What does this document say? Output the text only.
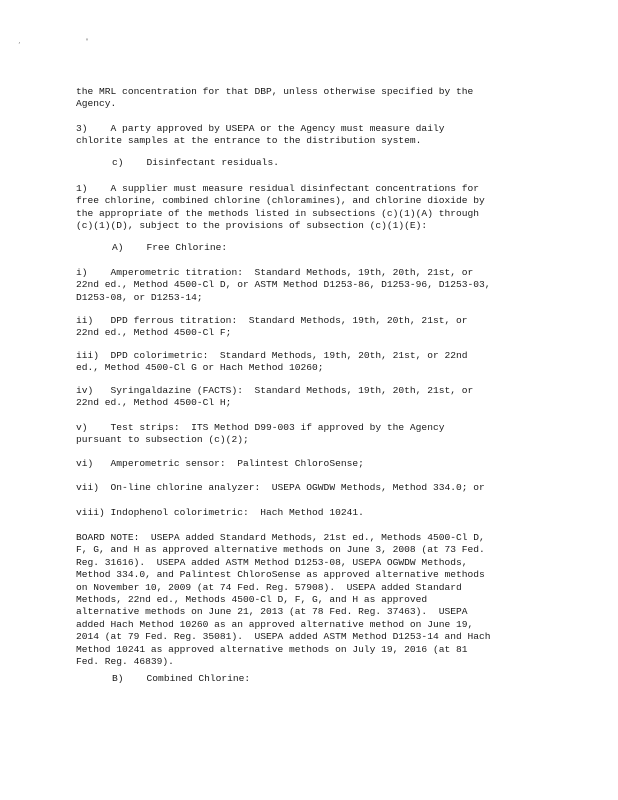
, "

the MRL concentration for that DBP, unless otherwise specified by the
Agency.

3)    A party approved by USEPA or the Agency must measure daily
chlorite samples at the entrance to the distribution system.

c)    Disinfectant residuals.

1)    A supplier must measure residual disinfectant concentrations for
free chlorine, combined chlorine (chloramines), and chlorine dioxide by
the appropriate of the methods listed in subsections (c)(1)(A) through
(c)(1)(D), subject to the provisions of subsection (c)(1)(E):

A)    Free Chlorine:

i)    Amperometric titration:  Standard Methods, 19th, 20th, 21st, or
22nd ed., Method 4500-Cl D, or ASTM Method D1253-86, D1253-96, D1253-03,
D1253-08, or D1253-14;

ii)   DPD ferrous titration:  Standard Methods, 19th, 20th, 21st, or
22nd ed., Method 4500-Cl F;

iii)  DPD colorimetric:  Standard Methods, 19th, 20th, 21st, or 22nd
ed., Method 4500-Cl G or Hach Method 10260;

iv)   Syringaldazine (FACTS):  Standard Methods, 19th, 20th, 21st, or
22nd ed., Method 4500-Cl H;

v)    Test strips:  ITS Method D99-003 if approved by the Agency
pursuant to subsection (c)(2);

vi)   Amperometric sensor:  Palintest ChloroSense;

vii)  On-line chlorine analyzer:  USEPA OGWDW Methods, Method 334.0; or

viii) Indophenol colorimetric:  Hach Method 10241.

BOARD NOTE:  USEPA added Standard Methods, 21st ed., Methods 4500-Cl D,
F, G, and H as approved alternative methods on June 3, 2008 (at 73 Fed.
Reg. 31616).  USEPA added ASTM Method D1253-08, USEPA OGWDW Methods,
Method 334.0, and Palintest ChloroSense as approved alternative methods
on November 10, 2009 (at 74 Fed. Reg. 57908).  USEPA added Standard
Methods, 22nd ed., Methods 4500-Cl D, F, G, and H as approved
alternative methods on June 21, 2013 (at 78 Fed. Reg. 37463).  USEPA
added Hach Method 10260 as an approved alternative method on June 19,
2014 (at 79 Fed. Reg. 35081).  USEPA added ASTM Method D1253-14 and Hach
Method 10241 as approved alternative methods on July 19, 2016 (at 81
Fed. Reg. 46839).

B)    Combined Chlorine:
